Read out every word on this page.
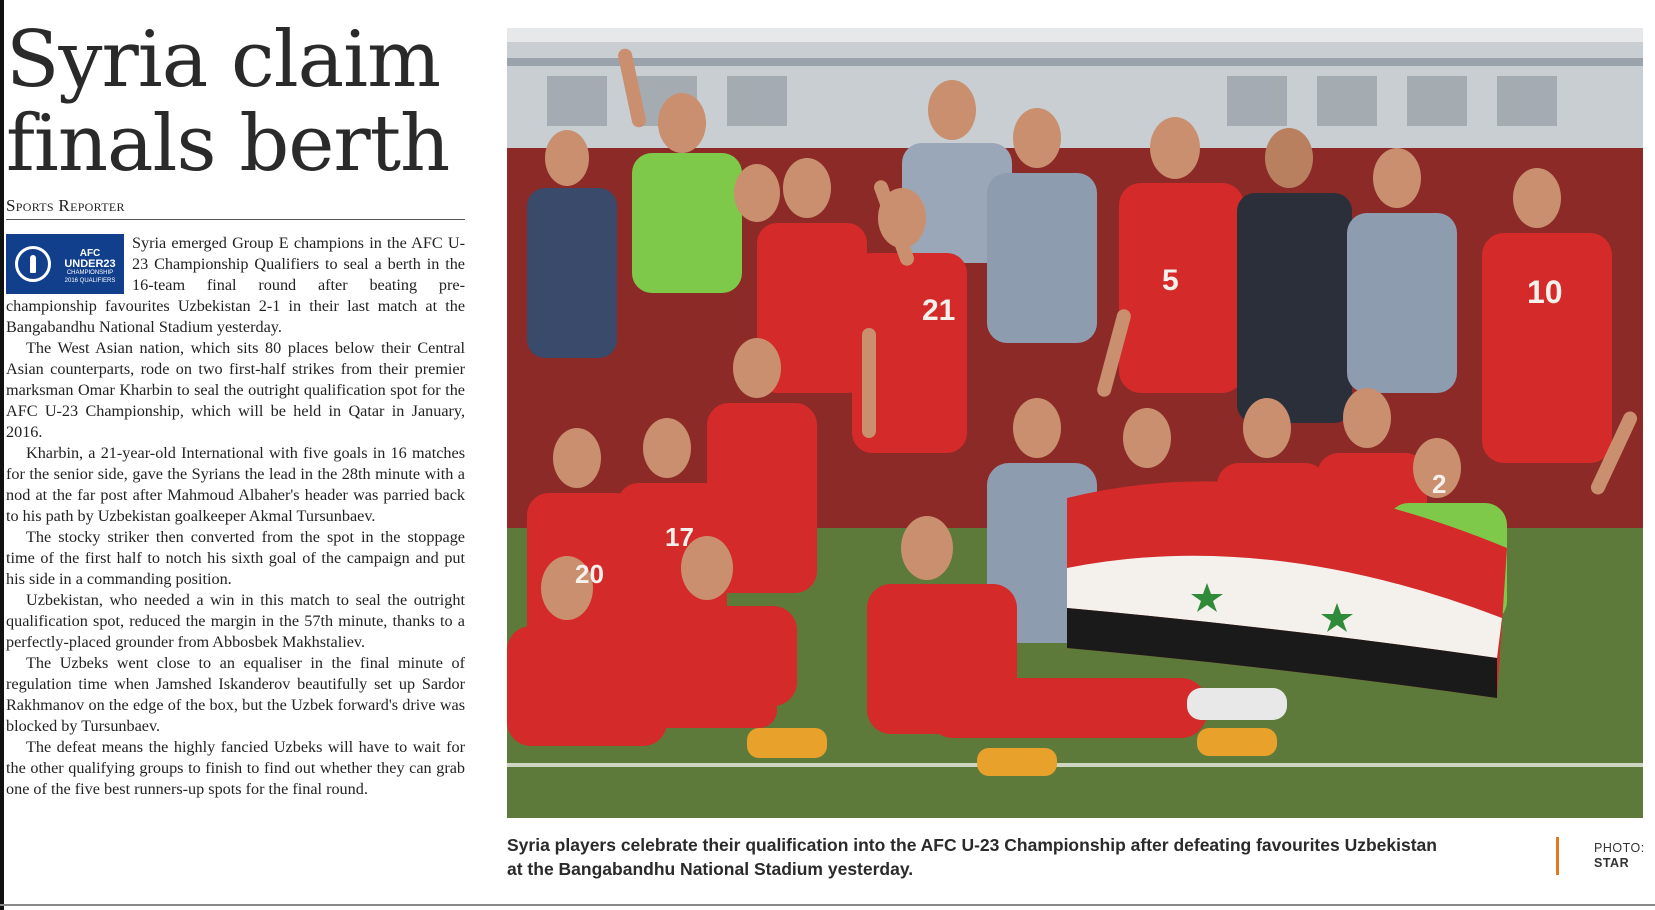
Syria claim
finals berth
Sports Reporter
AFC
UNDER23
CHAMPIONSHIP
2016 QUALIFIERS

Syria emerged Group E champions in the AFC U-23 Championship Qualifiers to seal a berth in the 16-team final round after beating pre-championship favourites Uzbekistan 2-1 in their last match at the Bangabandhu National Stadium yesterday.

The West Asian nation, which sits 80 places below their Central Asian counterparts, rode on two first-half strikes from their premier marksman Omar Kharbin to seal the outright qualification spot for the AFC U-23 Championship, which will be held in Qatar in January, 2016.

Kharbin, a 21-year-old International with five goals in 16 matches for the senior side, gave the Syrians the lead in the 28th minute with a nod at the far post after Mahmoud Albaher's header was parried back to his path by Uzbekistan goalkeeper Akmal Tursunbaev.

The stocky striker then converted from the spot in the stoppage time of the first half to notch his sixth goal of the campaign and put his side in a commanding position.

Uzbekistan, who needed a win in this match to seal the outright qualification spot, reduced the margin in the 57th minute, thanks to a perfectly-placed grounder from Abbosbek Makhstaliev.

The Uzbeks went close to an equaliser in the final minute of regulation time when Jamshed Iskanderov beautifully set up Sardor Rakhmanov on the edge of the box, but the Uzbek forward's drive was blocked by Tursunbaev.

The defeat means the highly fancied Uzbeks will have to wait for the other qualifying groups to finish to find out whether they can grab one of the five best runners-up spots for the final round.

5	10
21
17
20
2
Syria players celebrate their qualification into the AFC U-23 Championship after defeating favourites Uzbekistan at the Bangabandhu National Stadium yesterday.
PHOTO:
STAR
